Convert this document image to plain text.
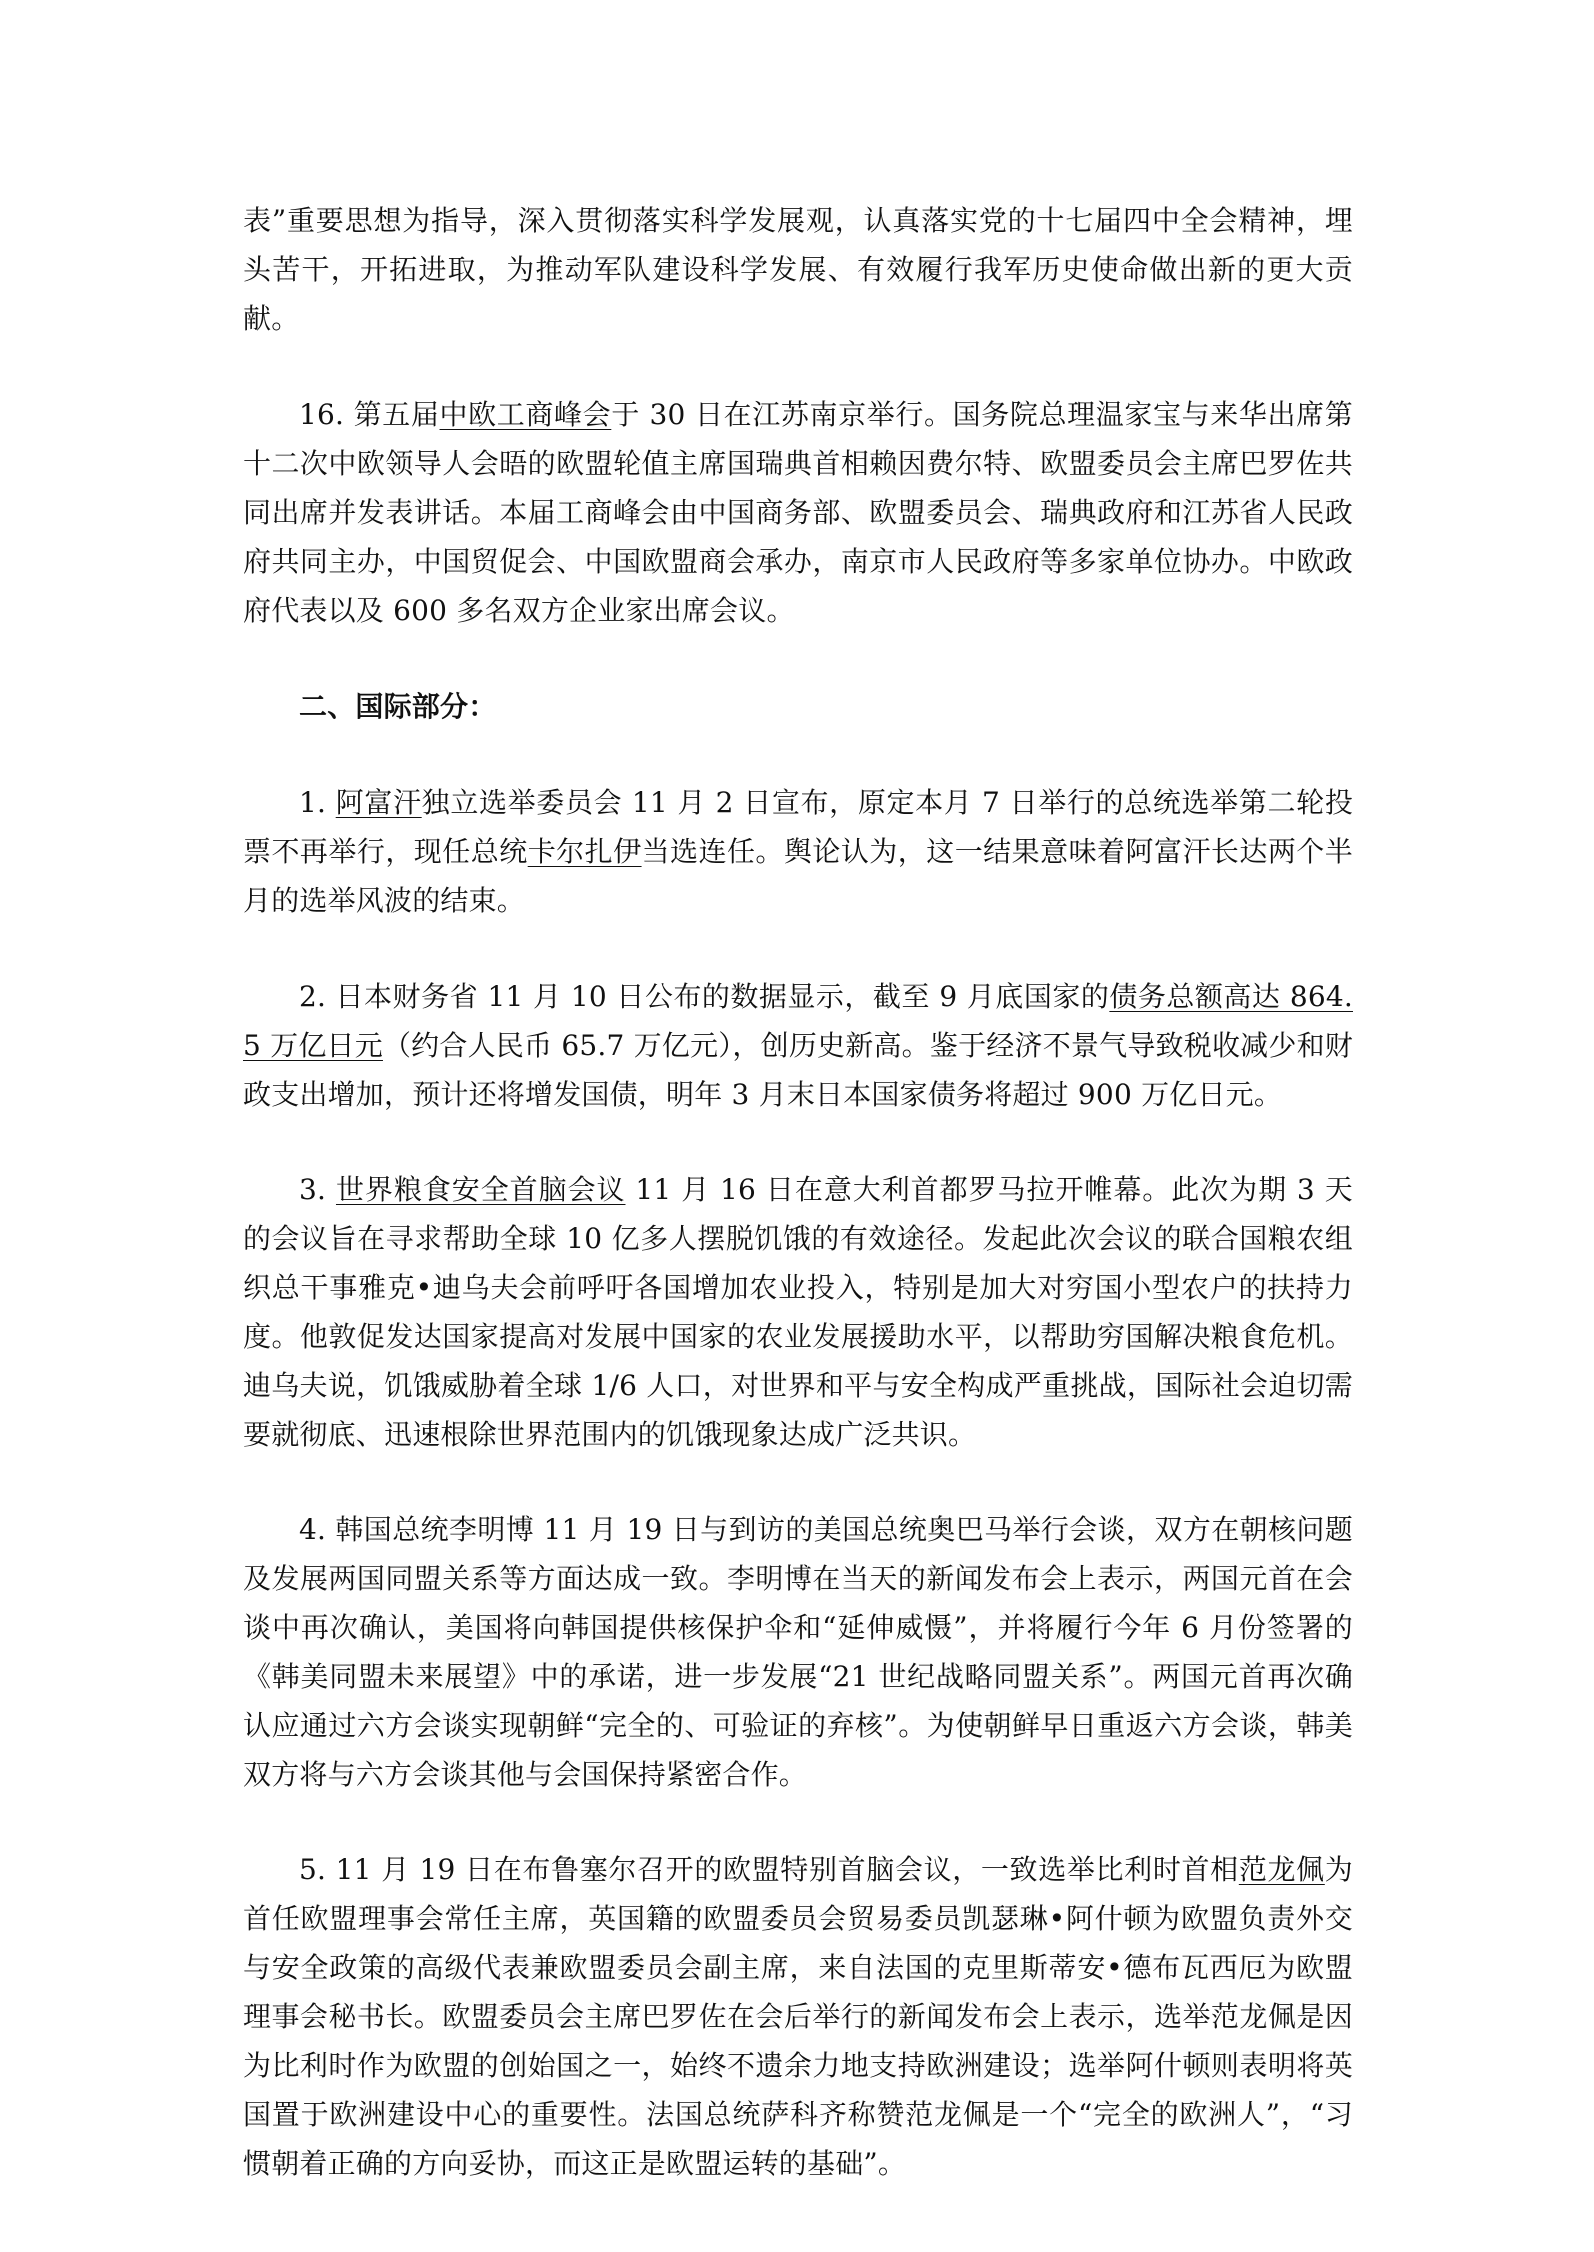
表”重要思想为指导，深入贯彻落实科学发展观，认真落实党的十七届四中全会精神，埋头苦干，开拓进取，为推动军队建设科学发展、有效履行我军历史使命做出新的更大贡献。

16. 第五届中欧工商峰会于 30 日在江苏南京举行。国务院总理温家宝与来华出席第十二次中欧领导人会晤的欧盟轮值主席国瑞典首相赖因费尔特、欧盟委员会主席巴罗佐共同出席并发表讲话。本届工商峰会由中国商务部、欧盟委员会、瑞典政府和江苏省人民政府共同主办，中国贸促会、中国欧盟商会承办，南京市人民政府等多家单位协办。中欧政府代表以及 600 多名双方企业家出席会议。

二、国际部分：

1. 阿富汗独立选举委员会 11 月 2 日宣布，原定本月 7 日举行的总统选举第二轮投票不再举行，现任总统卡尔扎伊当选连任。舆论认为，这一结果意味着阿富汗长达两个半月的选举风波的结束。

2. 日本财务省 11 月 10 日公布的数据显示，截至 9 月底国家的债务总额高达 864.5 万亿日元（约合人民币 65.7 万亿元），创历史新高。鉴于经济不景气导致税收减少和财政支出增加，预计还将增发国债，明年 3 月末日本国家债务将超过 900 万亿日元。

3. 世界粮食安全首脑会议 11 月 16 日在意大利首都罗马拉开帷幕。此次为期 3 天的会议旨在寻求帮助全球 10 亿多人摆脱饥饿的有效途径。发起此次会议的联合国粮农组织总干事雅克•迪乌夫会前呼吁各国增加农业投入，特别是加大对穷国小型农户的扶持力度。他敦促发达国家提高对发展中国家的农业发展援助水平，以帮助穷国解决粮食危机。迪乌夫说，饥饿威胁着全球 1/6 人口，对世界和平与安全构成严重挑战，国际社会迫切需要就彻底、迅速根除世界范围内的饥饿现象达成广泛共识。

4. 韩国总统李明博 11 月 19 日与到访的美国总统奥巴马举行会谈，双方在朝核问题及发展两国同盟关系等方面达成一致。李明博在当天的新闻发布会上表示，两国元首在会谈中再次确认，美国将向韩国提供核保护伞和“延伸威慑”，并将履行今年 6 月份签署的《韩美同盟未来展望》中的承诺，进一步发展“21 世纪战略同盟关系”。两国元首再次确认应通过六方会谈实现朝鲜“完全的、可验证的弃核”。为使朝鲜早日重返六方会谈，韩美双方将与六方会谈其他与会国保持紧密合作。

5. 11 月 19 日在布鲁塞尔召开的欧盟特别首脑会议，一致选举比利时首相范龙佩为首任欧盟理事会常任主席，英国籍的欧盟委员会贸易委员凯瑟琳•阿什顿为欧盟负责外交与安全政策的高级代表兼欧盟委员会副主席，来自法国的克里斯蒂安•德布瓦西厄为欧盟理事会秘书长。欧盟委员会主席巴罗佐在会后举行的新闻发布会上表示，选举范龙佩是因为比利时作为欧盟的创始国之一，始终不遗余力地支持欧洲建设；选举阿什顿则表明将英国置于欧洲建设中心的重要性。法国总统萨科齐称赞范龙佩是一个“完全的欧洲人”，“习惯朝着正确的方向妥协，而这正是欧盟运转的基础”。
